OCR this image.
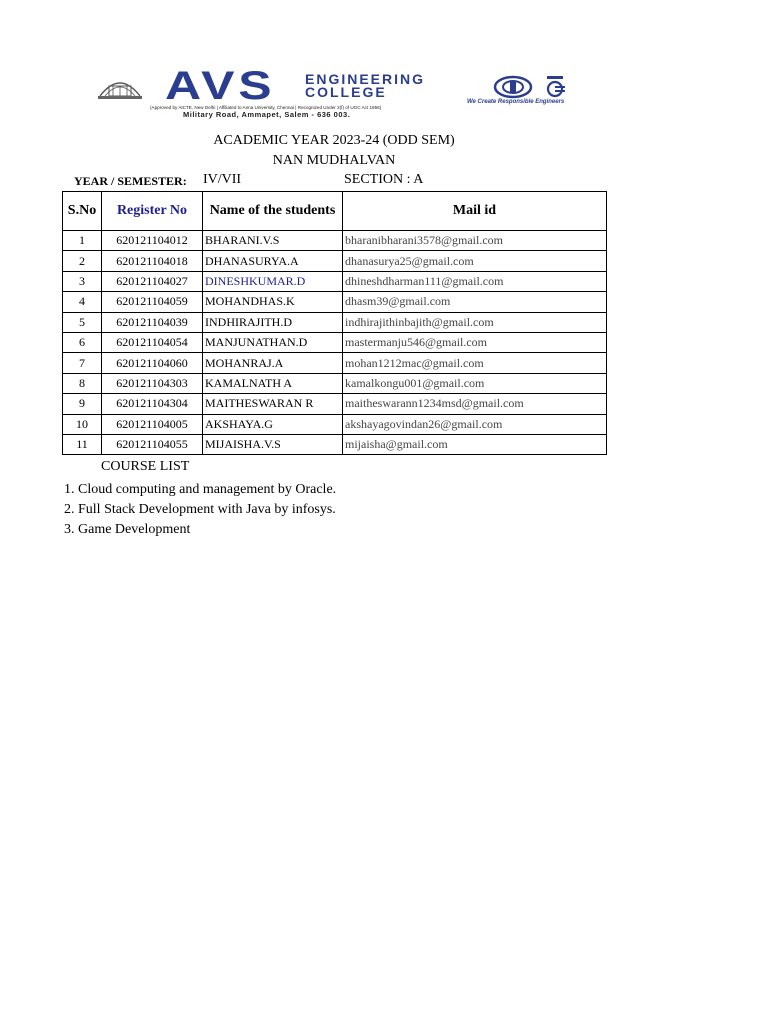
AVS ENGINEERING
COLLEGE
We Create Responsible Engineers
(Approved by AICTE, New Delhi | Affiliated to Anna University, Chennai | Recognized Under 2(f) of UGC Act 1956)
Military Road, Ammapet, Salem - 636 003.
ACADEMIC YEAR 2023-24 (ODD SEM)
NAN MUDHALVAN
YEAR / SEMESTER: IV/VII	SECTION : A
S.No	Register No	Name of the students	Mail id
1	620121104012	BHARANI.V.S	bharanibharani3578@gmail.com
2	620121104018	DHANASURYA.A	dhanasurya25@gmail.com
3	620121104027	DINESHKUMAR.D	dhineshdharman111@gmail.com
4	620121104059	MOHANDHAS.K	dhasm39@gmail.com
5	620121104039	INDHIRAJITH.D	indhirajithinbajith@gmail.com
6	620121104054	MANJUNATHAN.D	mastermanju546@gmail.com
7	620121104060	MOHANRAJ.A	mohan1212mac@gmail.com
8	620121104303	KAMALNATH A	kamalkongu001@gmail.com
9	620121104304	MAITHESWARAN R	maitheswarann1234msd@gmail.com
10	620121104005	AKSHAYA.G	akshayagovindan26@gmail.com
11	620121104055	MIJAISHA.V.S	mijaisha@gmail.com
COURSE LIST
1. Cloud computing and management by Oracle.
2. Full Stack Development with Java by infosys.
3. Game Development
